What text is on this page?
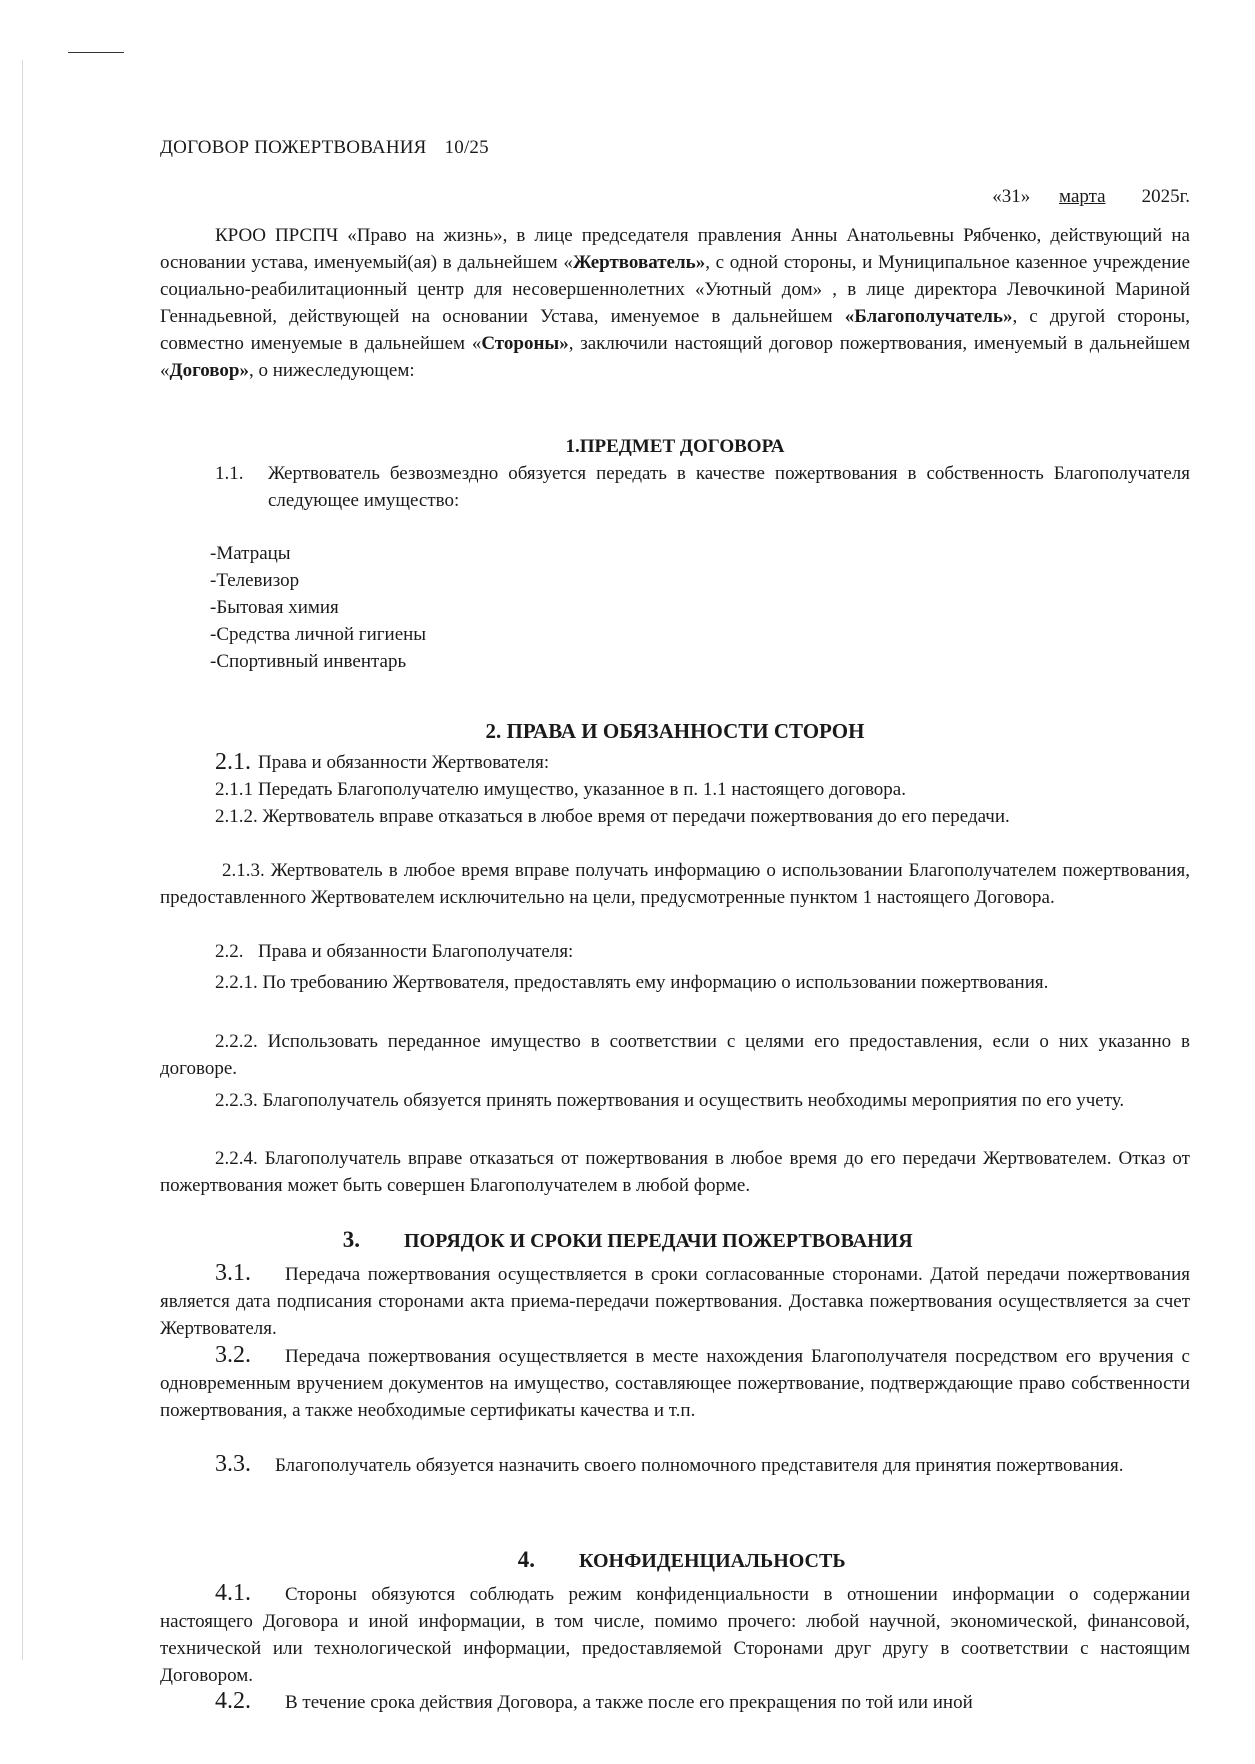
ДОГОВОР ПОЖЕРТВОВАНИЯ 10/25
«31» марта 2025г.
КРОО ПРСПЧ «Право на жизнь», в лице председателя правления Анны Анатольевны Рябченко, действующий на основании устава, именуемый(ая) в дальнейшем «Жертвователь», с одной стороны, и Муниципальное казенное учреждение социально-реабилитационный центр для несовершеннолетних «Уютный дом» , в лице директора Левочкиной Мариной Геннадьевной, действующей на основании Устава, именуемое в дальнейшем «Благополучатель», с другой стороны, совместно именуемые в дальнейшем «Стороны», заключили настоящий договор пожертвования, именуемый в дальнейшем «Договор», о нижеследующем:
1.ПРЕДМЕТ ДОГОВОРА
1.1.	Жертвователь безвозмездно обязуется передать в качестве пожертвования в собственность Благополучателя следующее имущество:
-Матрацы
-Телевизор
-Бытовая химия
-Средства личной гигиены
-Спортивный инвентарь
2. ПРАВА И ОБЯЗАННОСТИ СТОРОН
2.1. Права и обязанности Жертвователя:
2.1.1 Передать Благополучателю имущество, указанное в п. 1.1 настоящего договора.
2.1.2. Жертвователь вправе отказаться в любое время от передачи пожертвования до его передачи.
2.1.3. Жертвователь в любое время вправе получать информацию о использовании Благополучателем пожертвования, предоставленного Жертвователем исключительно на цели, предусмотренные пунктом 1 настоящего Договора.
2.2. Права и обязанности Благополучателя:
2.2.1. По требованию Жертвователя, предоставлять ему информацию о использовании пожертвования.
2.2.2. Использовать переданное имущество в соответствии с целями его предоставления, если о них указанно в договоре.
2.2.3. Благополучатель обязуется принять пожертвования и осуществить необходимы мероприятия по его учету.
2.2.4. Благополучатель вправе отказаться от пожертвования в любое время до его передачи Жертвователем. Отказ от пожертвования может быть совершен Благополучателем в любой форме.
3. ПОРЯДОК И СРОКИ ПЕРЕДАЧИ ПОЖЕРТВОВАНИЯ
3.1. Передача пожертвования осуществляется в сроки согласованные сторонами. Датой передачи пожертвования является дата подписания сторонами акта приема-передачи пожертвования. Доставка пожертвования осуществляется за счет Жертвователя.
3.2. Передача пожертвования осуществляется в месте нахождения Благополучателя посредством его вручения с одновременным вручением документов на имущество, составляющее пожертвование, подтверждающие право собственности пожертвования, а также необходимые сертификаты качества и т.п.
3.3. Благополучатель обязуется назначить своего полномочного представителя для принятия пожертвования.
4. КОНФИДЕНЦИАЛЬНОСТЬ
4.1. Стороны обязуются соблюдать режим конфиденциальности в отношении информации о содержании настоящего Договора и иной информации, в том числе, помимо прочего: любой научной, экономической, финансовой, технической или технологической информации, предоставляемой Сторонами друг другу в соответствии с настоящим Договором.
4.2. В течение срока действия Договора, а также после его прекращения по той или иной
